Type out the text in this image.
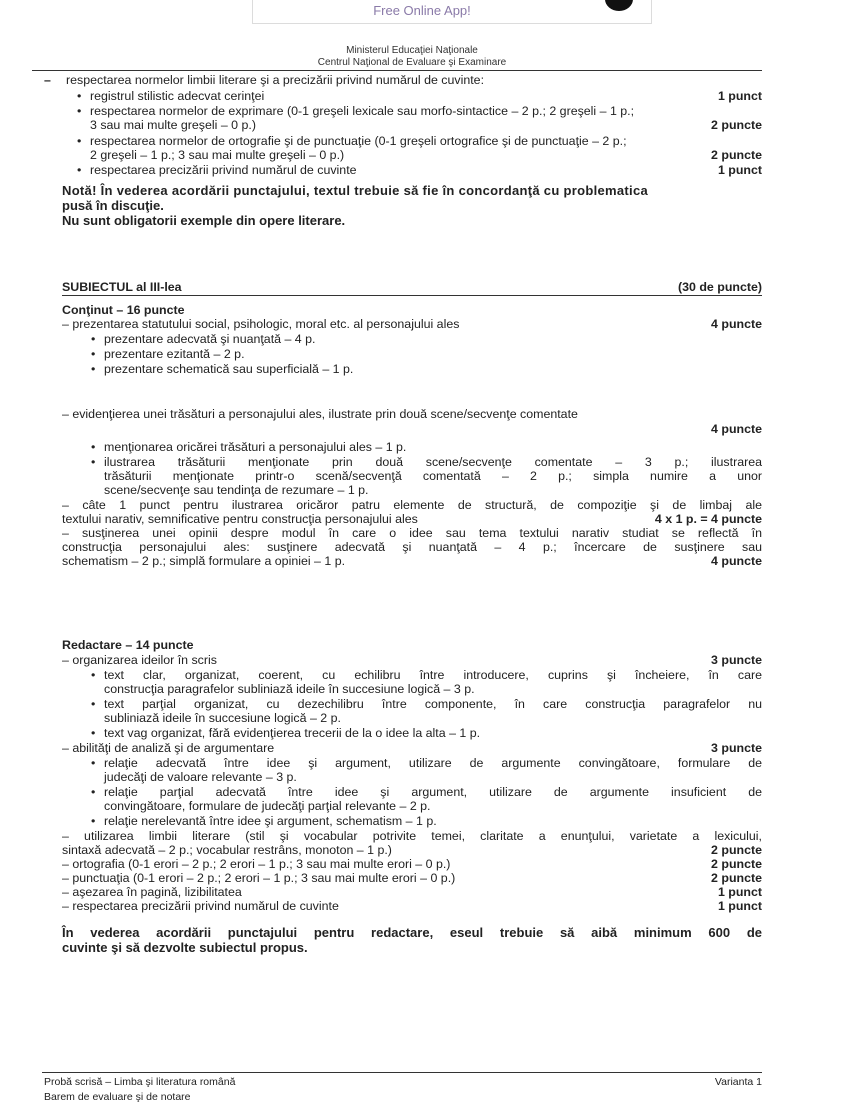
Free Online App!
Ministerul Educaţiei Naţionale
Centrul Naţional de Evaluare şi Examinare
– respectarea normelor limbii literare şi a precizării privind numărul de cuvinte:
• registrul stilistic adecvat cerinţei	1 punct
• respectarea normelor de exprimare (0-1 greşeli lexicale sau morfo-sintactice – 2 p.; 2 greşeli – 1 p.;
3 sau mai multe greşeli – 0 p.)	2 puncte
• respectarea normelor de ortografie şi de punctuaţie (0-1 greşeli ortografice şi de punctuaţie – 2 p.;
2 greşeli – 1 p.; 3 sau mai multe greşeli – 0 p.)	2 puncte
• respectarea precizării privind numărul de cuvinte	1 punct
Notă! În vederea acordării punctajului, textul trebuie să fie în concordanţă cu problematica
pusă în discuţie.
Nu sunt obligatorii exemple din opere literare.
SUBIECTUL al III-lea	(30 de puncte)
Conţinut – 16 puncte
– prezentarea statutului social, psihologic, moral etc. al personajului ales	4 puncte
• prezentare adecvată şi nuanţată – 4 p.
• prezentare ezitantă – 2 p.
• prezentare schematică sau superficială – 1 p.
– evidenţierea unei trăsături a personajului ales, ilustrate prin două scene/secvenţe comentate
4 puncte
• menţionarea oricărei trăsături a personajului ales – 1 p.
• ilustrarea trăsăturii menţionate prin două scene/secvenţe comentate – 3 p.; ilustrarea
trăsăturii menţionate printr-o scenă/secvenţă comentată – 2 p.; simpla numire a unor
scene/secvenţe sau tendinţa de rezumare – 1 p.
– câte 1 punct pentru ilustrarea oricăror patru elemente de structură, de compoziţie şi de limbaj ale
textului narativ, semnificative pentru construcţia personajului ales	4 x 1 p. = 4 puncte
– susţinerea unei opinii despre modul în care o idee sau tema textului narativ studiat se reflectă în
construcţia personajului ales: susţinere adecvată şi nuanţată – 4 p.; încercare de susţinere sau
schematism – 2 p.; simplă formulare a opiniei – 1 p.	4 puncte
Redactare – 14 puncte
– organizarea ideilor în scris	3 puncte
• text clar, organizat, coerent, cu echilibru între introducere, cuprins şi încheiere, în care
construcţia paragrafelor subliniază ideile în succesiune logică – 3 p.
• text parţial organizat, cu dezechilibru între componente, în care construcţia paragrafelor nu
subliniază ideile în succesiune logică – 2 p.
• text vag organizat, fără evidenţierea trecerii de la o idee la alta – 1 p.
– abilităţi de analiză şi de argumentare	3 puncte
• relaţie adecvată între idee şi argument, utilizare de argumente convingătoare, formulare de
judecăţi de valoare relevante – 3 p.
• relaţie parţial adecvată între idee şi argument, utilizare de argumente insuficient de
convingătoare, formulare de judecăţi parţial relevante – 2 p.
• relaţie nerelevantă între idee şi argument, schematism – 1 p.
– utilizarea limbii literare (stil şi vocabular potrivite temei, claritate a enunţului, varietate a lexicului,
sintaxă adecvată – 2 p.; vocabular restrâns, monoton – 1 p.)	2 puncte
– ortografia (0-1 erori – 2 p.; 2 erori – 1 p.; 3 sau mai multe erori – 0 p.)	2 puncte
– punctuaţia (0-1 erori – 2 p.; 2 erori – 1 p.; 3 sau mai multe erori – 0 p.)	2 puncte
– aşezarea în pagină, lizibilitatea	1 punct
– respectarea precizării privind numărul de cuvinte	1 punct
În vederea acordării punctajului pentru redactare, eseul trebuie să aibă minimum 600 de
cuvinte şi să dezvolte subiectul propus.
Probă scrisă – Limba şi literatura română	Varianta 1
Barem de evaluare şi de notare
